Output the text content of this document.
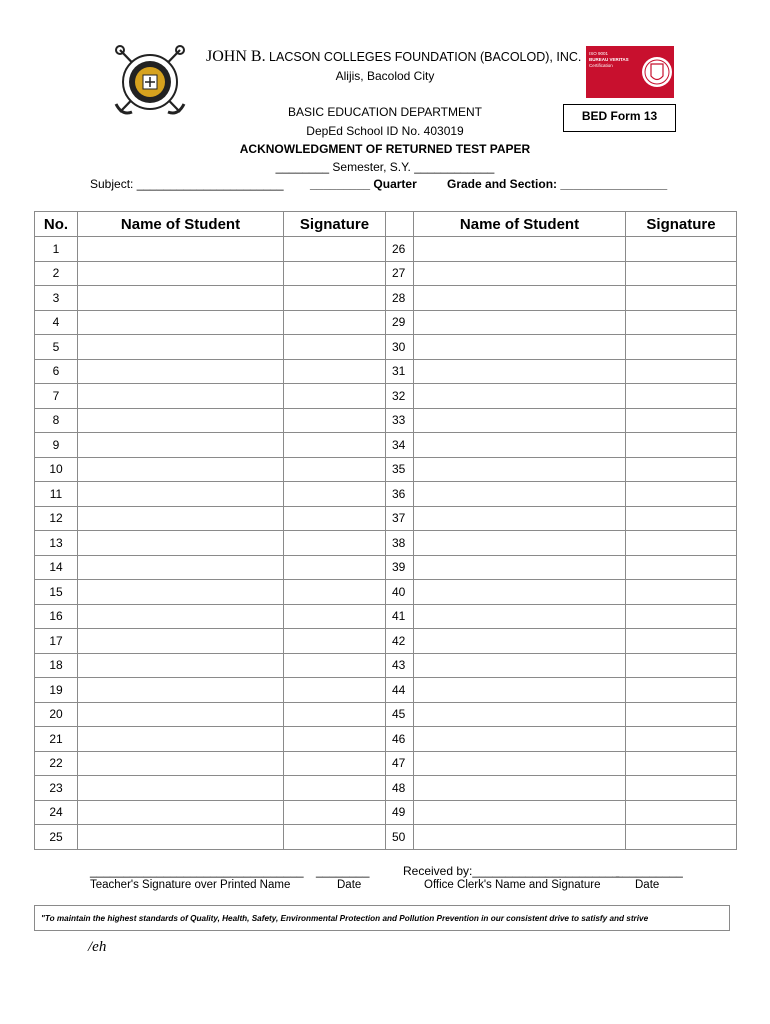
ISO 9001
BUREAU VERITAS
Certification
JOHN B. LACSON COLLEGES FOUNDATION (BACOLOD), INC.
Alijis, Bacolod City
BASIC EDUCATION DEPARTMENT
DepEd School ID No. 403019
ACKNOWLEDGMENT OF RETURNED TEST PAPER
________ Semester, S.Y. ____________
BED Form 13
Subject: ______________________ _________ Quarter	Grade and Section: ________________
No.	Name of Student	Signature		Name of Student	Signature
1			26		
2			27		
3			28		
4			29		
5			30		
6			31		
7			32		
8			33		
9			34		
10			35		
11			36		
12			37		
13			38		
14			39		
15			40		
16			41		
17			42		
18			43		
19			44		
20			45		
21			46		
22			47		
23			48		
24			49		
25			50		
________________________________
Teacher's Signature over Printed Name
________
Date
Received by:______________________
Office Clerk's Name and Signature
__________
Date
"To maintain the highest standards of Quality, Health, Safety, Environmental Protection and Pollution Prevention in our consistent drive to satisfy and strive
/eh
